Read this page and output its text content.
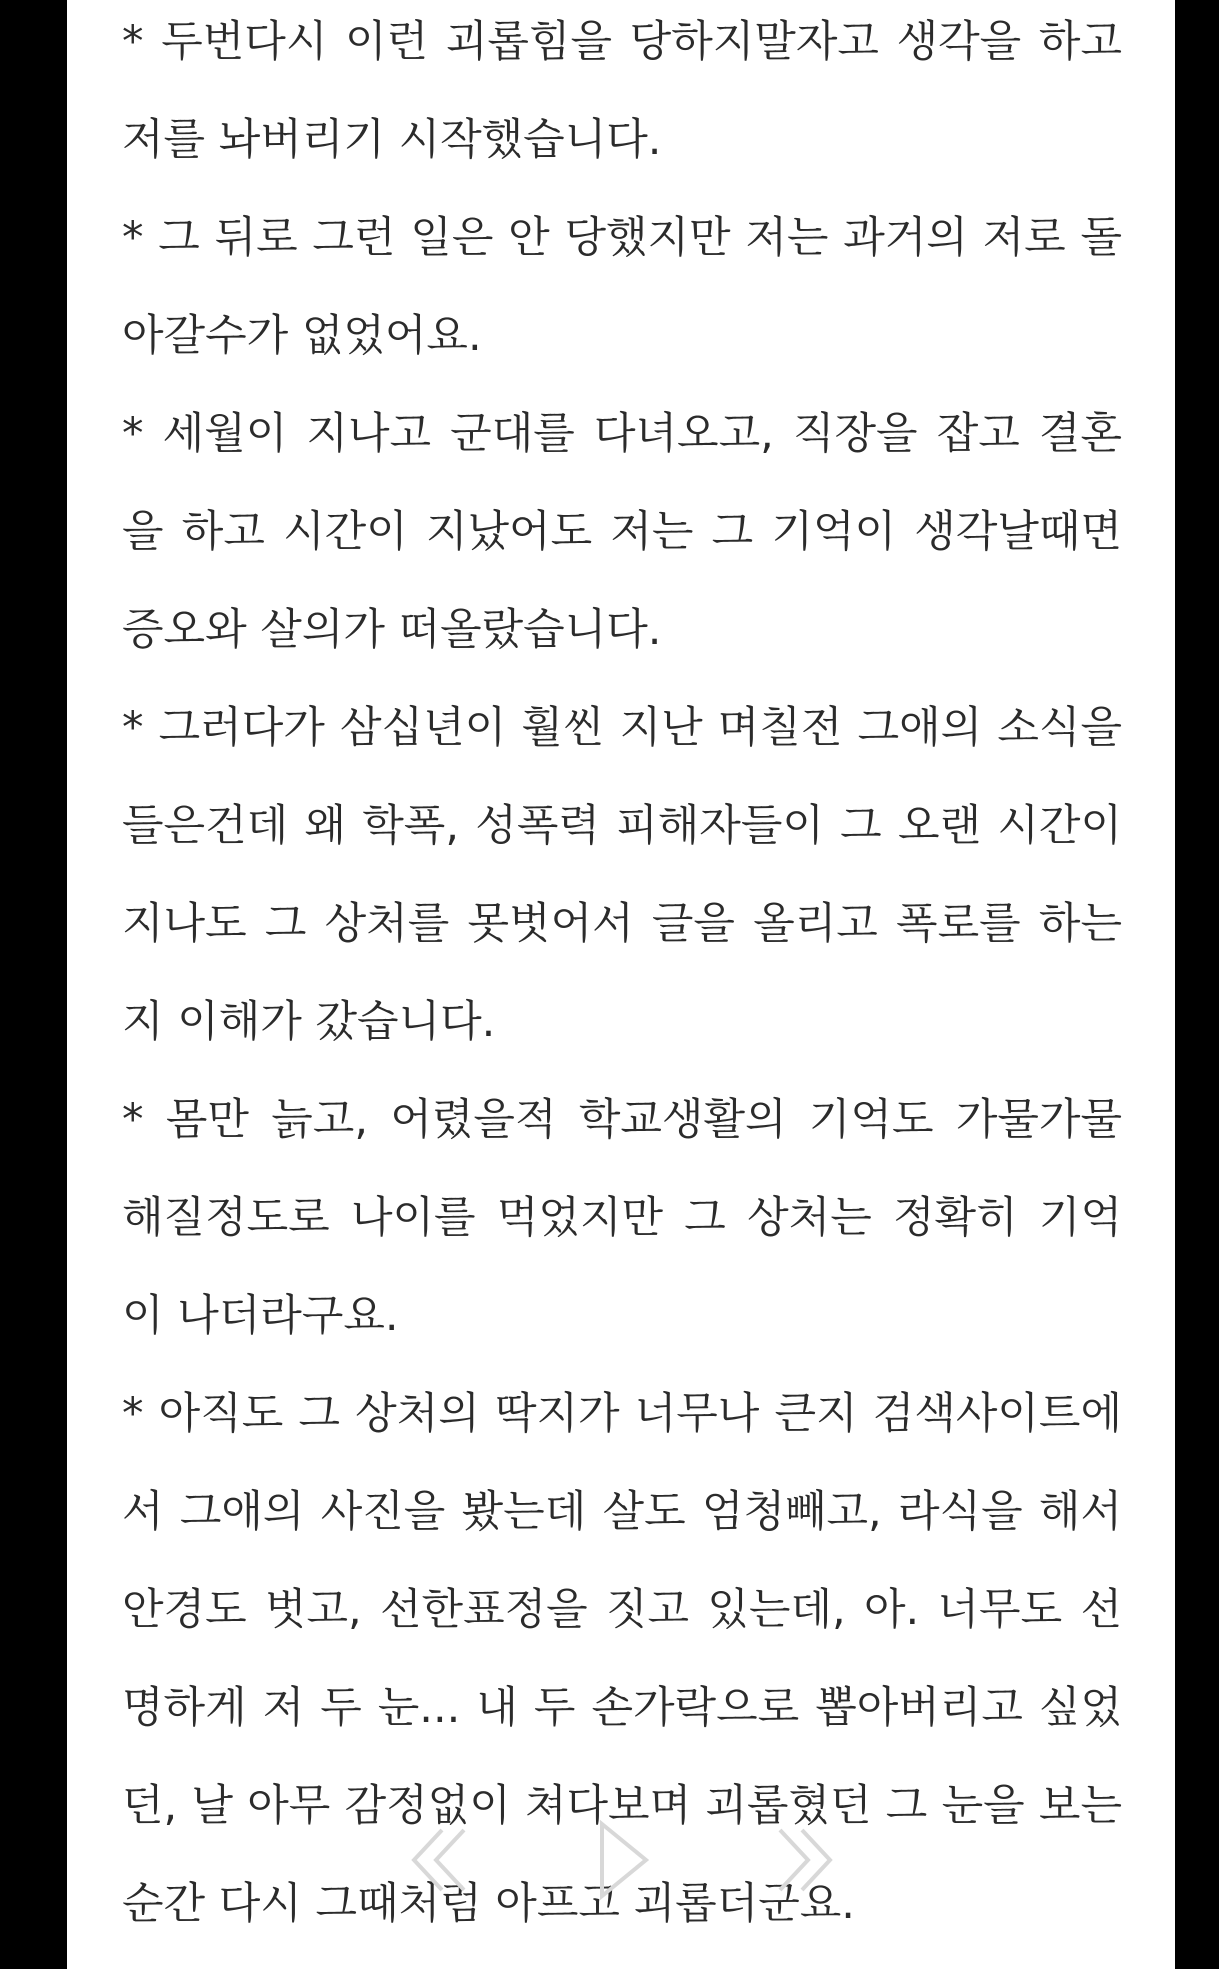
* 두번다시 이런 괴롭힘을 당하지말자고 생각을 하고
저를 놔버리기 시작했습니다.
* 그 뒤로 그런 일은 안 당했지만 저는 과거의 저로 돌
아갈수가 없었어요.
* 세월이 지나고 군대를 다녀오고, 직장을 잡고 결혼
을 하고 시간이 지났어도 저는 그 기억이 생각날때면
증오와 살의가 떠올랐습니다.
* 그러다가 삼십년이 훨씬 지난 며칠전 그애의 소식을
들은건데 왜 학폭, 성폭력 피해자들이 그 오랜 시간이
지나도 그 상처를 못벗어서 글을 올리고 폭로를 하는
지 이해가 갔습니다.
* 몸만 늙고, 어렸을적 학교생활의 기억도 가물가물
해질정도로 나이를 먹었지만 그 상처는 정확히 기억
이 나더라구요.
* 아직도 그 상처의 딱지가 너무나 큰지 검색사이트에
서 그애의 사진을 봤는데 살도 엄청빼고, 라식을 해서
안경도 벗고, 선한표정을 짓고 있는데, 아. 너무도 선
명하게 저 두 눈... 내 두 손가락으로 뽑아버리고 싶었
던, 날 아무 감정없이 쳐다보며 괴롭혔던 그 눈을 보는
순간 다시 그때처럼 아프고 괴롭더군요.
